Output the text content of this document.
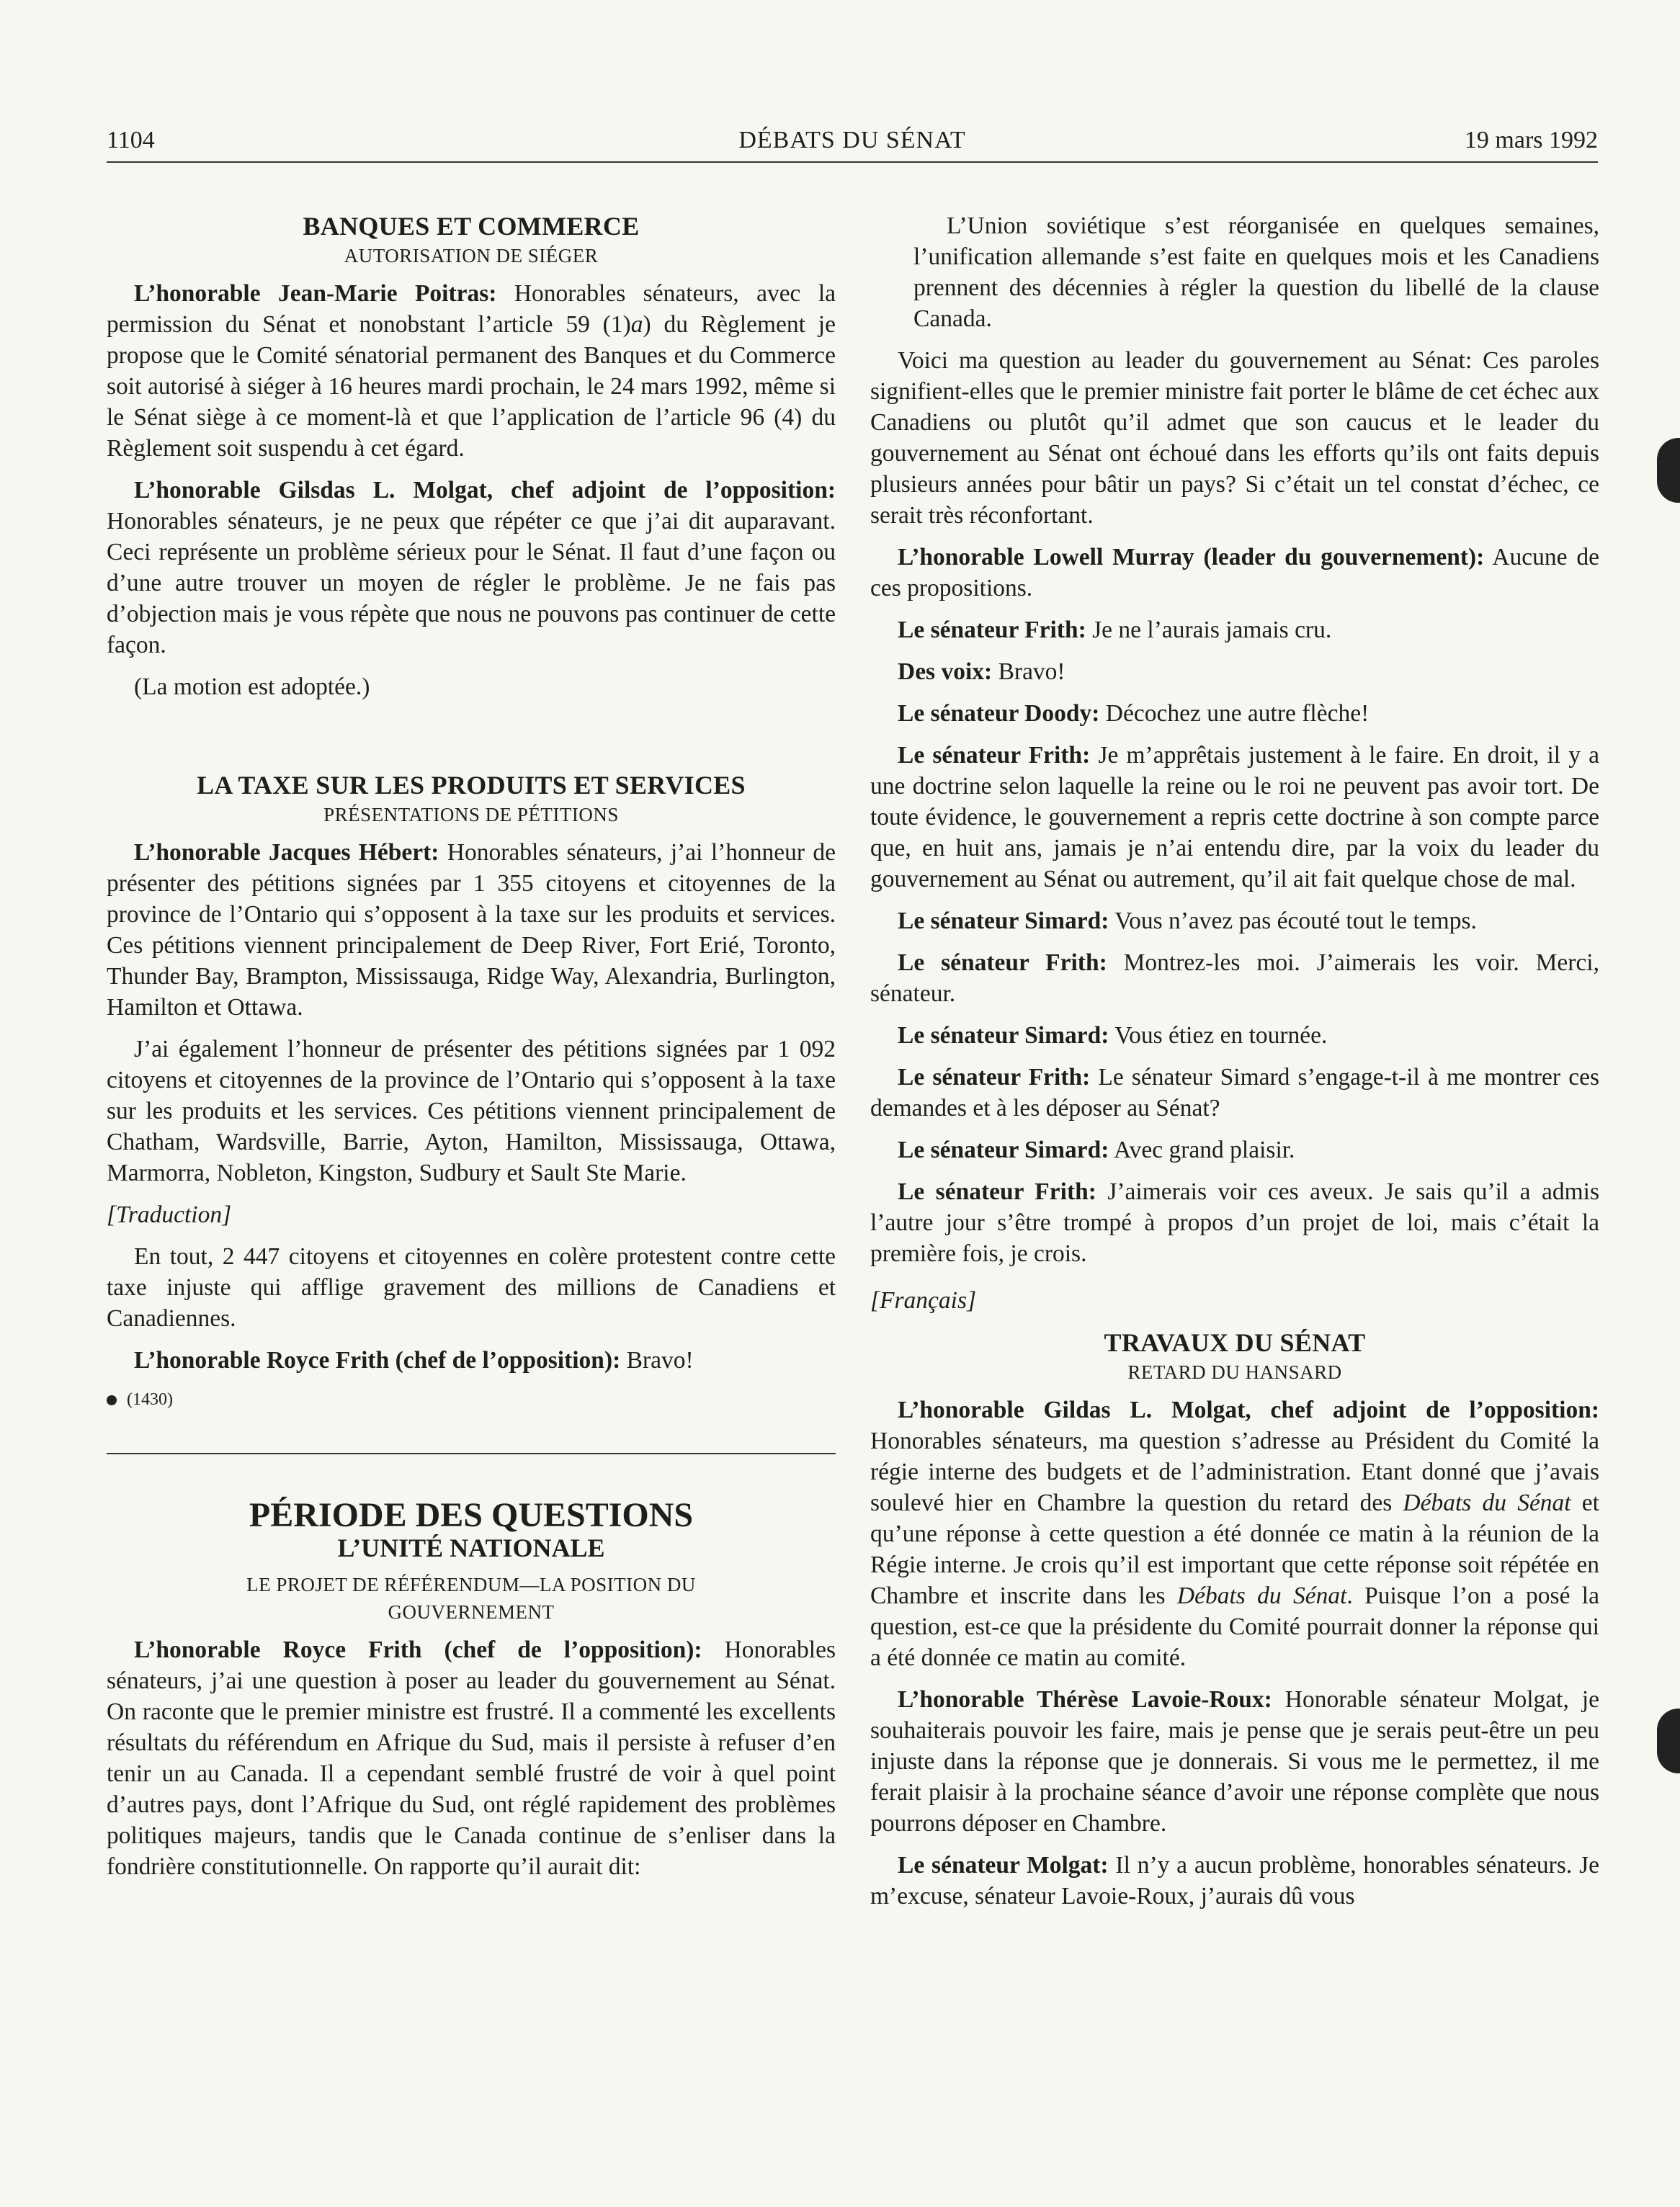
1104	DÉBATS DU SÉNAT	19 mars 1992
BANQUES ET COMMERCE
AUTORISATION DE SIÉGER

L’honorable Jean-Marie Poitras: Honorables sénateurs, avec la permission du Sénat et nonobstant l’article 59 (1)a) du Règlement je propose que le Comité sénatorial permanent des Banques et du Commerce soit autorisé à siéger à 16 heures mardi prochain, le 24 mars 1992, même si le Sénat siège à ce moment-là et que l’application de l’article 96 (4) du Règlement soit suspendu à cet égard.

L’honorable Gilsdas L. Molgat, chef adjoint de l’opposition: Honorables sénateurs, je ne peux que répéter ce que j’ai dit auparavant. Ceci représente un problème sérieux pour le Sénat. Il faut d’une façon ou d’une autre trouver un moyen de régler le problème. Je ne fais pas d’objection mais je vous répète que nous ne pouvons pas continuer de cette façon.

(La motion est adoptée.)

LA TAXE SUR LES PRODUITS ET SERVICES
PRÉSENTATIONS DE PÉTITIONS

L’honorable Jacques Hébert: Honorables sénateurs, j’ai l’honneur de présenter des pétitions signées par 1 355 citoyens et citoyennes de la province de l’Ontario qui s’opposent à la taxe sur les produits et services. Ces pétitions viennent principalement de Deep River, Fort Erié, Toronto, Thunder Bay, Brampton, Mississauga, Ridge Way, Alexandria, Burlington, Hamilton et Ottawa.

J’ai également l’honneur de présenter des pétitions signées par 1 092 citoyens et citoyennes de la province de l’Ontario qui s’opposent à la taxe sur les produits et les services. Ces pétitions viennent principalement de Chatham, Wardsville, Barrie, Ayton, Hamilton, Mississauga, Ottawa, Marmorra, Nobleton, Kingston, Sudbury et Sault Ste Marie.

[Traduction]

En tout, 2 447 citoyens et citoyennes en colère protestent contre cette taxe injuste qui afflige gravement des millions de Canadiens et Canadiennes.

L’honorable Royce Frith (chef de l’opposition): Bravo!

(1430)

PÉRIODE DES QUESTIONS
L’UNITÉ NATIONALE
LE PROJET DE RÉFÉRENDUM—LA POSITION DU GOUVERNEMENT

L’honorable Royce Frith (chef de l’opposition): Honorables sénateurs, j’ai une question à poser au leader du gouvernement au Sénat. On raconte que le premier ministre est frustré. Il a commenté les excellents résultats du référendum en Afrique du Sud, mais il persiste à refuser d’en tenir un au Canada. Il a cependant semblé frustré de voir à quel point d’autres pays, dont l’Afrique du Sud, ont réglé rapidement des problèmes politiques majeurs, tandis que le Canada continue de s’enliser dans la fondrière constitutionnelle. On rapporte qu’il aurait dit:

L’Union soviétique s’est réorganisée en quelques semaines, l’unification allemande s’est faite en quelques mois et les Canadiens prennent des décennies à régler la question du libellé de la clause Canada.

Voici ma question au leader du gouvernement au Sénat: Ces paroles signifient-elles que le premier ministre fait porter le blâme de cet échec aux Canadiens ou plutôt qu’il admet que son caucus et le leader du gouvernement au Sénat ont échoué dans les efforts qu’ils ont faits depuis plusieurs années pour bâtir un pays? Si c’était un tel constat d’échec, ce serait très réconfortant.

L’honorable Lowell Murray (leader du gouvernement): Aucune de ces propositions.

Le sénateur Frith: Je ne l’aurais jamais cru.

Des voix: Bravo!

Le sénateur Doody: Décochez une autre flèche!

Le sénateur Frith: Je m’apprêtais justement à le faire. En droit, il y a une doctrine selon laquelle la reine ou le roi ne peuvent pas avoir tort. De toute évidence, le gouvernement a repris cette doctrine à son compte parce que, en huit ans, jamais je n’ai entendu dire, par la voix du leader du gouvernement au Sénat ou autrement, qu’il ait fait quelque chose de mal.

Le sénateur Simard: Vous n’avez pas écouté tout le temps.

Le sénateur Frith: Montrez-les moi. J’aimerais les voir. Merci, sénateur.

Le sénateur Simard: Vous étiez en tournée.

Le sénateur Frith: Le sénateur Simard s’engage-t-il à me montrer ces demandes et à les déposer au Sénat?

Le sénateur Simard: Avec grand plaisir.

Le sénateur Frith: J’aimerais voir ces aveux. Je sais qu’il a admis l’autre jour s’être trompé à propos d’un projet de loi, mais c’était la première fois, je crois.

[Français]

TRAVAUX DU SÉNAT
RETARD DU HANSARD

L’honorable Gildas L. Molgat, chef adjoint de l’opposition: Honorables sénateurs, ma question s’adresse au Président du Comité la régie interne des budgets et de l’administration. Etant donné que j’avais soulevé hier en Chambre la question du retard des Débats du Sénat et qu’une réponse à cette question a été donnée ce matin à la réunion de la Régie interne. Je crois qu’il est important que cette réponse soit répétée en Chambre et inscrite dans les Débats du Sénat. Puisque l’on a posé la question, est-ce que la présidente du Comité pourrait donner la réponse qui a été donnée ce matin au comité.

L’honorable Thérèse Lavoie-Roux: Honorable sénateur Molgat, je souhaiterais pouvoir les faire, mais je pense que je serais peut-être un peu injuste dans la réponse que je donnerais. Si vous me le permettez, il me ferait plaisir à la prochaine séance d’avoir une réponse complète que nous pourrons déposer en Chambre.

Le sénateur Molgat: Il n’y a aucun problème, honorables sénateurs. Je m’excuse, sénateur Lavoie-Roux, j’aurais dû vous
